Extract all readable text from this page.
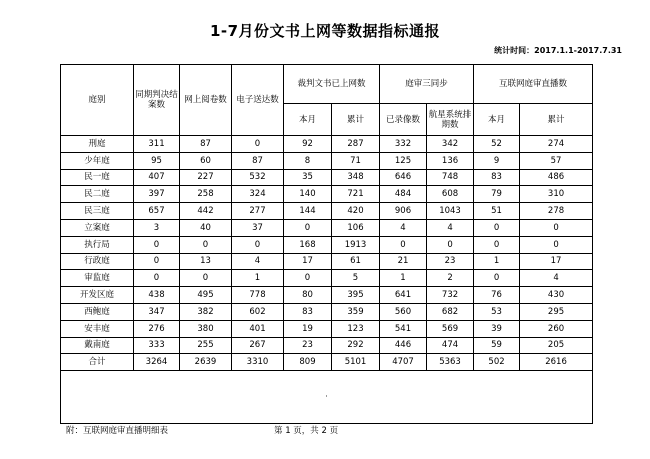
1-7月份文书上网等数据指标通报
统计时间：2017.1.1-2017.7.31
庭别	同期判决结案数	网上阅卷数	电子送达数	裁判文书已上网数		庭审三同步		互联网庭审直播数	
				本月	累计	已录像数	航星系统排期数	本月	累计
刑庭	311	87	0	92	287	332	342	52	274
少年庭	95	60	87	8	71	125	136	9	57
民一庭	407	227	532	35	348	646	748	83	486
民二庭	397	258	324	140	721	484	608	79	310
民三庭	657	442	277	144	420	906	1043	51	278
立案庭	3	40	37	0	106	4	4	0	0
执行局	0	0	0	168	1913	0	0	0	0
行政庭	0	13	4	17	61	21	23	1	17
审监庭	0	0	1	0	5	1	2	0	4
开发区庭	438	495	778	80	395	641	732	76	430
西鲍庭	347	382	602	83	359	560	682	53	295
安丰庭	276	380	401	19	123	541	569	39	260
戴南庭	333	255	267	23	292	446	474	59	205
合计	3264	2639	3310	809	5101	4707	5363	502	2616
·									
附：互联网庭审直播明细表	第 1 页，共 2 页
